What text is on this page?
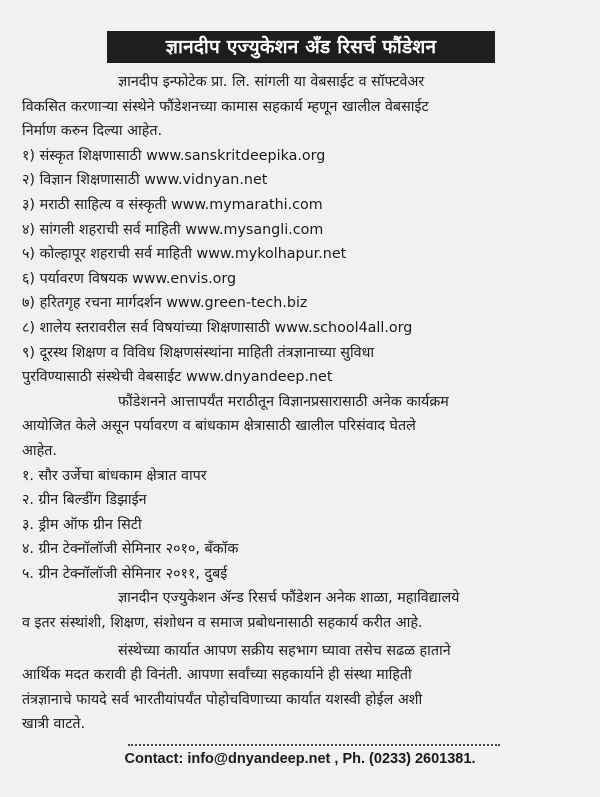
ज्ञानदीप एज्युकेशन अँड रिसर्च फौंडेशन

ज्ञानदीप इन्फोटेक प्रा. लि. सांगली या वेबसाईट व सॉफ्टवेअर

विकसित करणाऱ्या संस्थेने फौंडेशनच्या कामास सहकार्य म्हणून खालील वेबसाईट

निर्माण करुन दिल्या आहेत.

१) संस्कृत शिक्षणासाठी www.sanskritdeepika.org
२) विज्ञान शिक्षणासाठी www.vidnyan.net
३) मराठी साहित्य व संस्कृती www.mymarathi.com
४) सांगली शहराची सर्व माहिती www.mysangli.com
५) कोल्हापूर शहराची सर्व माहिती www.mykolhapur.net
६) पर्यावरण विषयक www.envis.org
७) हरितगृह रचना मार्गदर्शन www.green-tech.biz
८) शालेय स्तरावरील सर्व विषयांच्या शिक्षणासाठी www.school4all.org
९) दूरस्थ शिक्षण व विविध शिक्षणसंस्थांना माहिती तंत्रज्ञानाच्या सुविधा
पुरविण्यासाठी संस्थेची वेबसाईट www.dnyandeep.net

फौंडेशनने आत्तापर्यंत मराठीतून विज्ञानप्रसारासाठी अनेक कार्यक्रम

आयोजित केले असून पर्यावरण व बांधकाम क्षेत्रासाठी खालील परिसंवाद घेतले

आहेत.

१. सौर उर्जेचा बांधकाम क्षेत्रात वापर
२. ग्रीन बिल्डींग डिझाईन
३. ड्रीम ऑफ ग्रीन सिटी
४. ग्रीन टेक्नॉलॉजी सेमिनार २०१०, बँकॉक
५. ग्रीन टेक्नॉलॉजी सेमिनार २०११, दुबई

ज्ञानदीन एज्युकेशन ॲन्ड रिसर्च फौंडेशन अनेक शाळा, महाविद्यालये

व इतर संस्थांशी, शिक्षण, संशोधन व समाज प्रबोधनासाठी सहकार्य करीत आहे.

संस्थेच्या कार्यात आपण सक्रीय सहभाग घ्यावा तसेच सढळ हाताने

आर्थिक मदत करावी ही विनंती. आपणा सर्वांच्या सहकार्याने ही संस्था माहिती

तंत्रज्ञानाचे फायदे सर्व भारतीयांपर्यंत पोहोचविणाच्या कार्यात यशस्वी होईल अशी

खात्री वाटते.

Contact: info@dnyandeep.net , Ph. (0233) 2601381.
